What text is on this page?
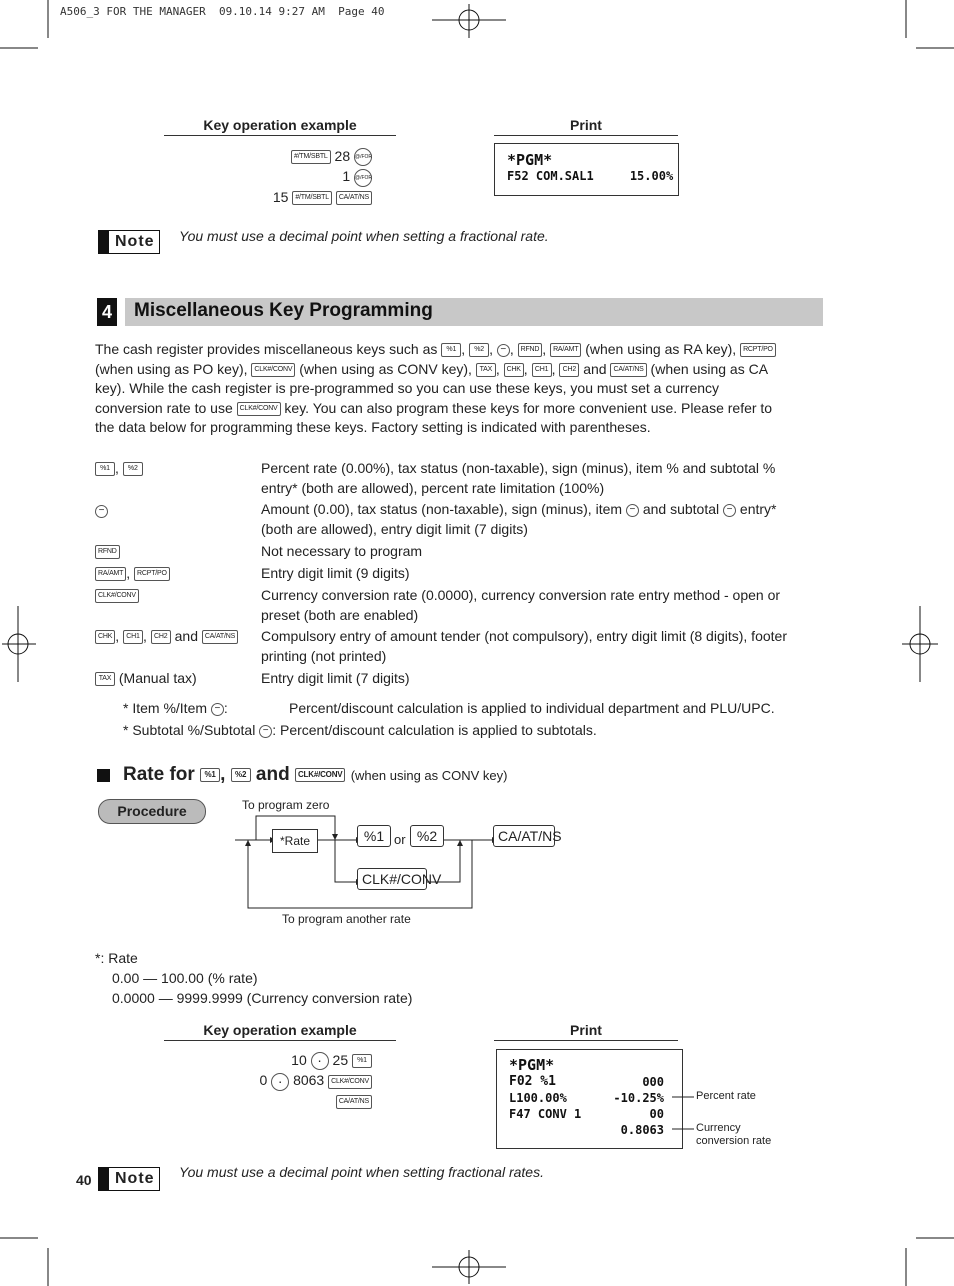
A506_3 FOR THE MANAGER  09.10.14 9:27 AM  Page 40
Key operation example	Print
#/TM/SBTL 28 @/FOR
1 @/FOR
15 #/TM/SBTL CA/AT/NS
*PGM*
F52 COM.SAL1     15.00%
Note You must use a decimal point when setting a fractional rate.
4 Miscellaneous Key Programming
The cash register provides miscellaneous keys such as %1 , %2 , − , RFND , RA/AMT (when using as RA key), RCPT/PO
(when using as PO key), CLK#/CONV (when using as CONV key), TAX , CHK , CH1 , CH2 and CA/AT/NS (when using as CA
key). While the cash register is pre-programmed so you can use these keys, you must set a currency
conversion rate to use CLK#/CONV key. You can also program these keys for more convenient use. Please refer to
the data below for programming these keys. Factory setting is indicated with parentheses.
%1 , %2	Percent rate (0.00%), tax status (non-taxable), sign (minus), item % and subtotal %
entry* (both are allowed), percent rate limitation (100%)
−	Amount (0.00), tax status (non-taxable), sign (minus), item − and subtotal − entry*
(both are allowed), entry digit limit (7 digits)
RFND	Not necessary to program
RA/AMT , RCPT/PO	Entry digit limit (9 digits)
CLK#/CONV	Currency conversion rate (0.0000), currency conversion rate entry method - open or
preset (both are enabled)
CHK , CH1 , CH2 and CA/AT/NS Compulsory entry of amount tender (not compulsory), entry digit limit (8 digits), footer
printing (not printed)
TAX (Manual tax)	Entry digit limit (7 digits)
* Item %/Item − :	Percent/discount calculation is applied to individual department and PLU/UPC.
* Subtotal %/Subtotal − : Percent/discount calculation is applied to subtotals.
Rate for %1 , %2 and CLK#/CONV (when using as CONV key)
Procedure	To program zero
*Rate	%1 or %2	CA/AT/NS
CLK#/CONV
To program another rate
*: Rate
0.00 — 100.00 (% rate)
0.0000 — 9999.9999 (Currency conversion rate)
Key operation example	Print
10 · 25 %1
0 · 8063 CLK#/CONV
CA/AT/NS
*PGM*
F02 %1	000
L100.00%	-10.25%
F47 CONV 1	00
0.8063
Percent rate
Currency
conversion rate
40 Note You must use a decimal point when setting fractional rates.
